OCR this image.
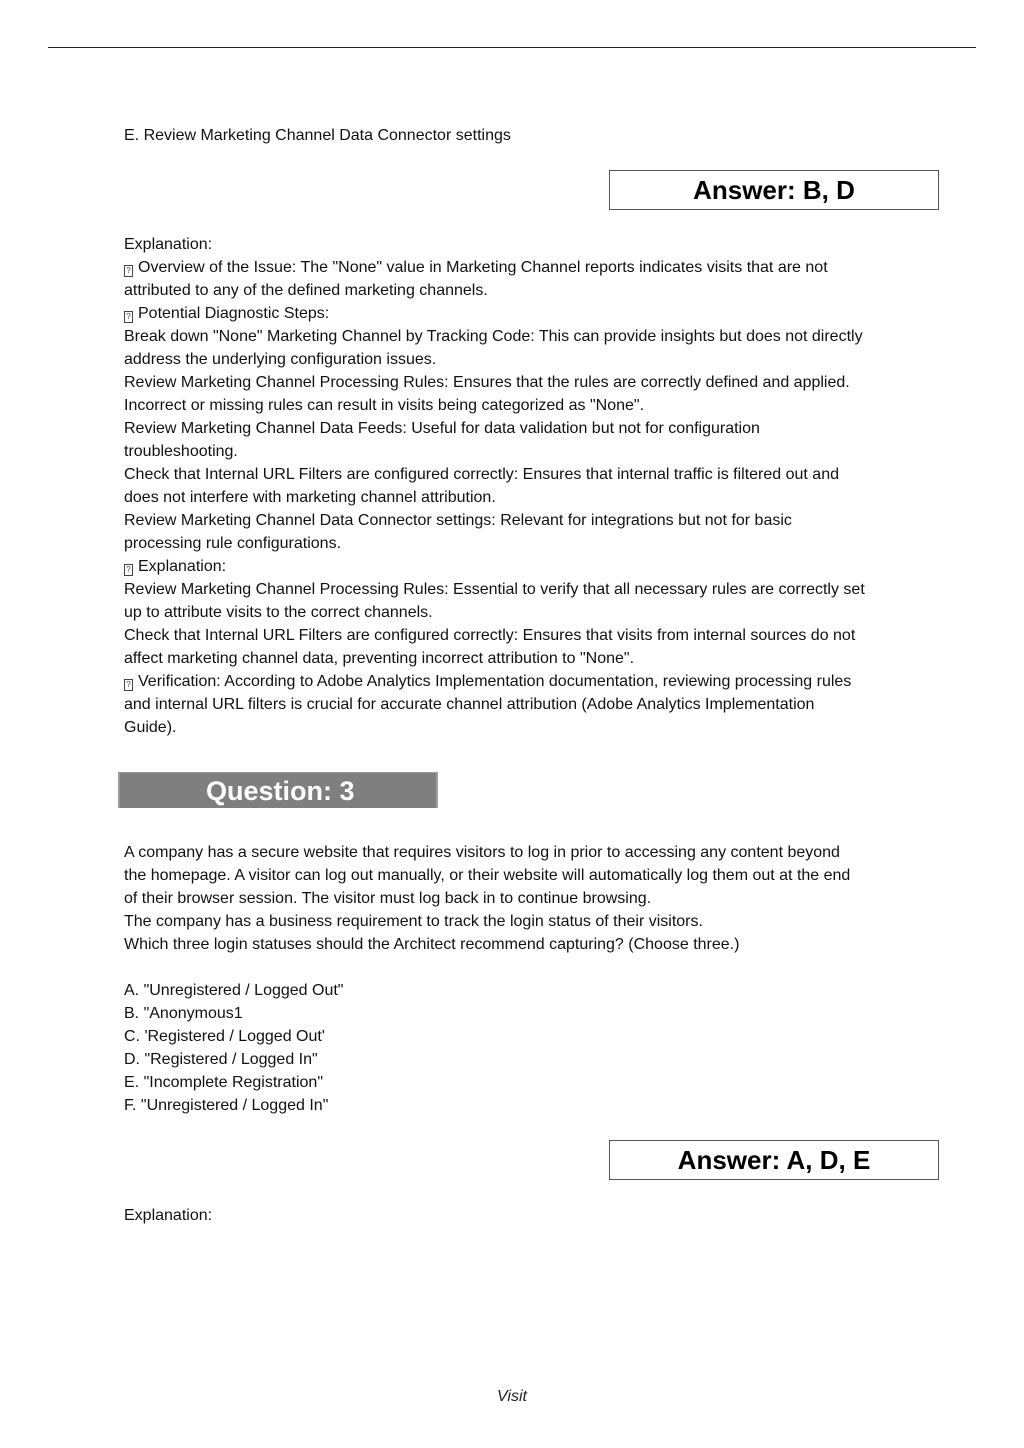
E. Review Marketing Channel Data Connector settings
Answer: B, D
Explanation:
? Overview of the Issue: The "None" value in Marketing Channel reports indicates visits that are not
attributed to any of the defined marketing channels.
? Potential Diagnostic Steps:
Break down "None" Marketing Channel by Tracking Code: This can provide insights but does not directly
address the underlying configuration issues.
Review Marketing Channel Processing Rules: Ensures that the rules are correctly defined and applied.
Incorrect or missing rules can result in visits being categorized as "None".
Review Marketing Channel Data Feeds: Useful for data validation but not for configuration
troubleshooting.
Check that Internal URL Filters are configured correctly: Ensures that internal traffic is filtered out and
does not interfere with marketing channel attribution.
Review Marketing Channel Data Connector settings: Relevant for integrations but not for basic
processing rule configurations.
? Explanation:
Review Marketing Channel Processing Rules: Essential to verify that all necessary rules are correctly set
up to attribute visits to the correct channels.
Check that Internal URL Filters are configured correctly: Ensures that visits from internal sources do not
affect marketing channel data, preventing incorrect attribution to "None".
? Verification: According to Adobe Analytics Implementation documentation, reviewing processing rules
and internal URL filters is crucial for accurate channel attribution (Adobe Analytics Implementation
Guide).
Question: 3
A company has a secure website that requires visitors to log in prior to accessing any content beyond
the homepage. A visitor can log out manually, or their website will automatically log them out at the end
of their browser session. The visitor must log back in to continue browsing.
The company has a business requirement to track the login status of their visitors.
Which three login statuses should the Architect recommend capturing? (Choose three.)
A. "Unregistered / Logged Out"
B. "Anonymous1
C. 'Registered / Logged Out'
D. "Registered / Logged In"
E. "Incomplete Registration"
F. "Unregistered / Logged In"
Answer: A, D, E
Explanation:
Visit
